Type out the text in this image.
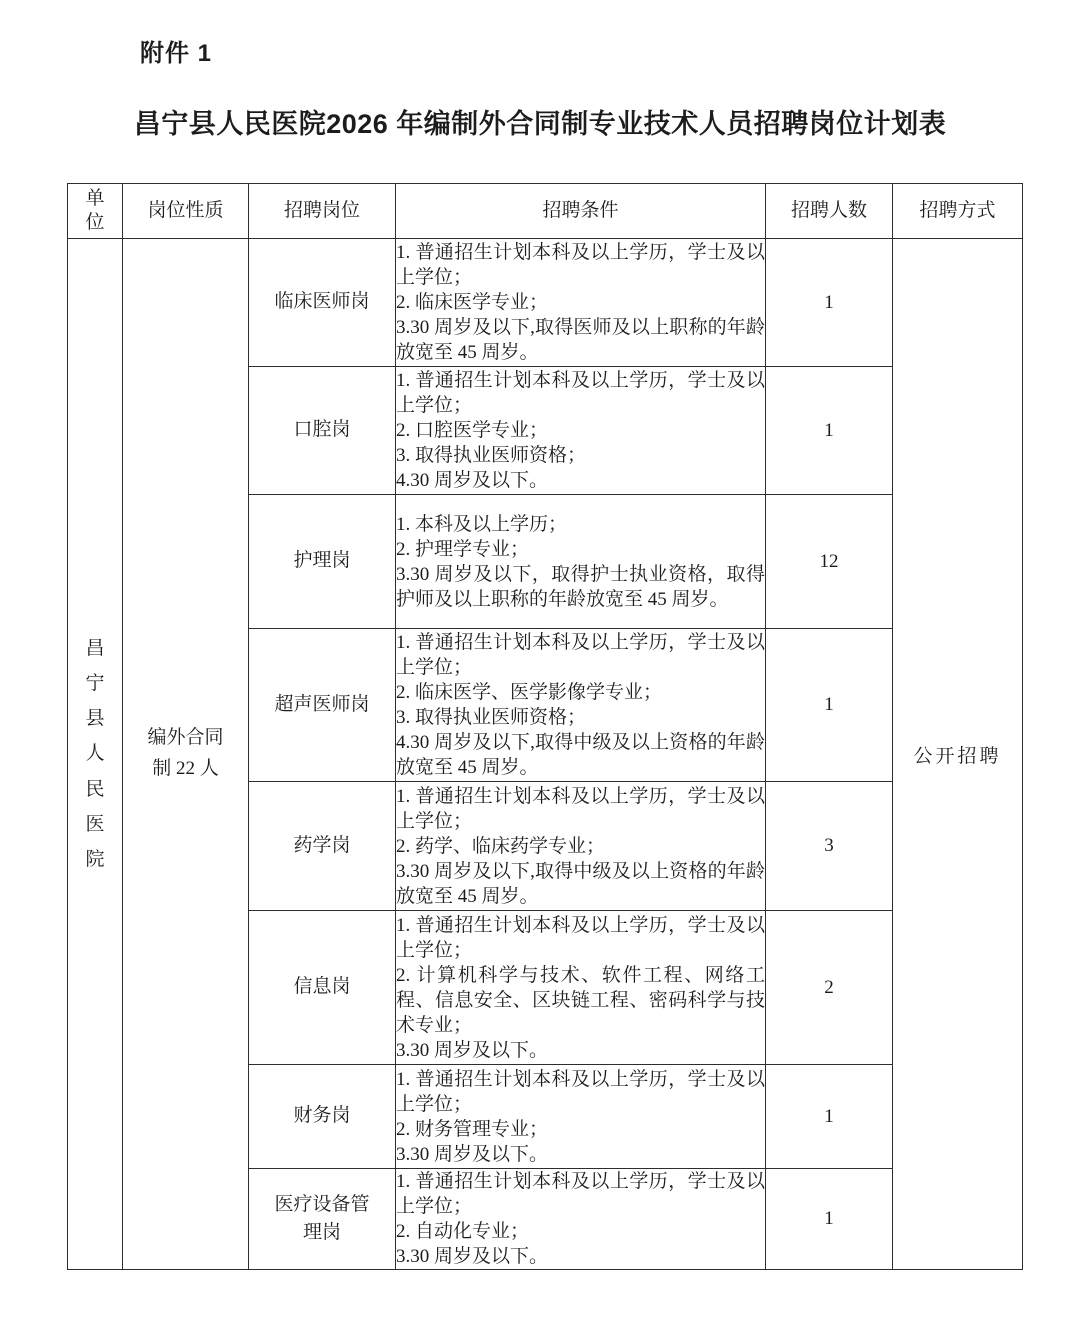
附件 1
昌宁县人民医院2026 年编制外合同制专业技术人员招聘岗位计划表
单位	岗位性质	招聘岗位	招聘条件	招聘人数	招聘方式

昌宁县人民医院

编外合同
制 22 人
	临床医师岗	
1. 普通招生计划本科及以上学历，学士及以上学位；
2. 临床医学专业；
3.30 周岁及以下,取得医师及以上职称的年龄放宽至 45 周岁。
	1	公开招聘
		口腔岗	1. 普通招生计划本科及以上学历，学士及以上学位；
2. 口腔医学专业；
3. 取得执业医师资格；
4.30 周岁及以下。	1	
		护理岗	1. 本科及以上学历；
2. 护理学专业；
3.30 周岁及以下，取得护士执业资格，取得护师及以上职称的年龄放宽至 45 周岁。	12	
		超声医师岗	1. 普通招生计划本科及以上学历，学士及以上学位；
2. 临床医学、医学影像学专业；
3. 取得执业医师资格；
4.30 周岁及以下,取得中级及以上资格的年龄放宽至 45 周岁。	1	
		药学岗	1. 普通招生计划本科及以上学历，学士及以上学位；
2. 药学、临床药学专业；
3.30 周岁及以下,取得中级及以上资格的年龄放宽至 45 周岁。	3	
		信息岗	1. 普通招生计划本科及以上学历，学士及以上学位；
2. 计算机科学与技术、软件工程、网络工程、信息安全、区块链工程、密码科学与技术专业；
3.30 周岁及以下。	2	
		财务岗	1. 普通招生计划本科及以上学历，学士及以上学位；
2. 财务管理专业；
3.30 周岁及以下。	1	
		医疗设备管理岗	1. 普通招生计划本科及以上学历，学士及以上学位；
2. 自动化专业；
3.30 周岁及以下。	1	
